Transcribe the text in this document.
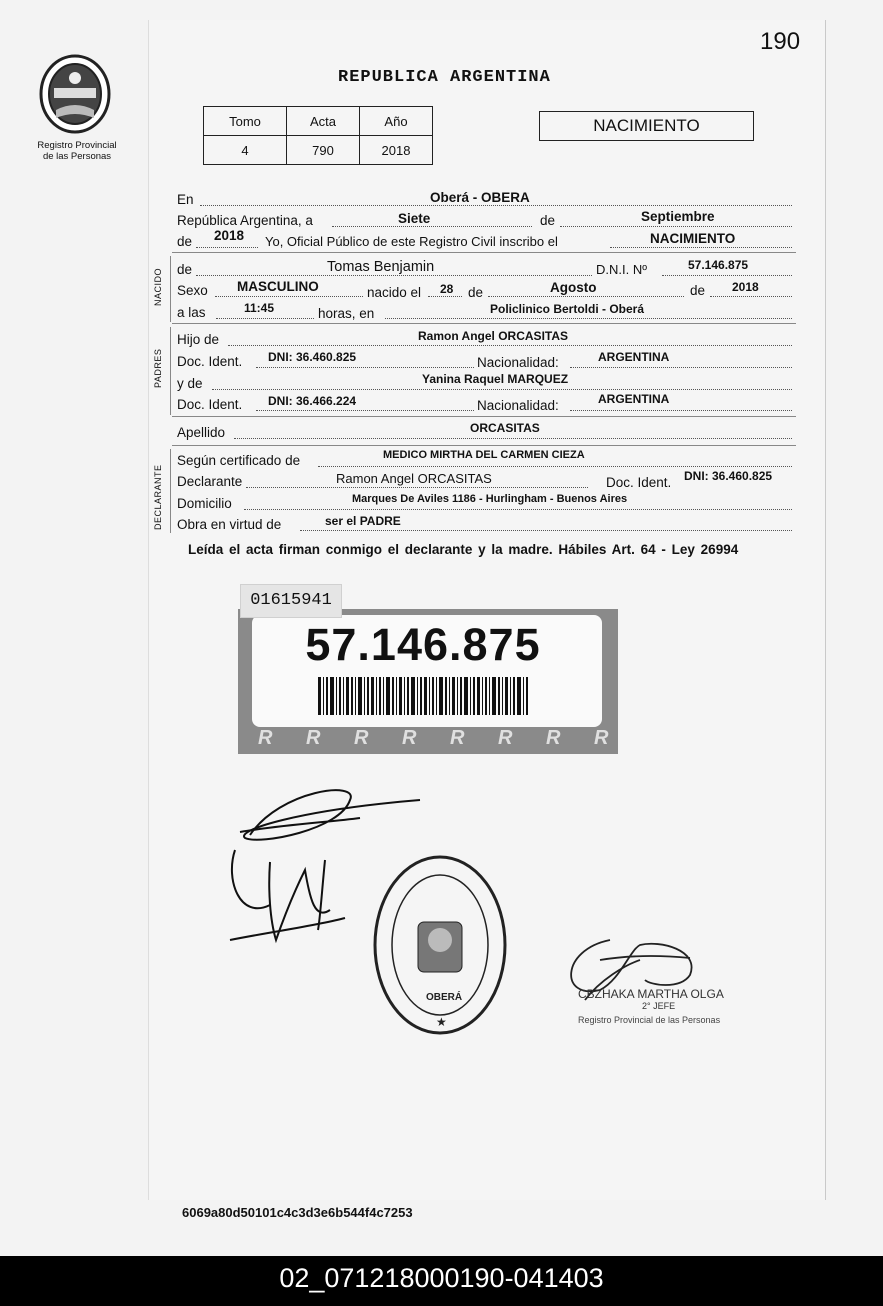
190
Registro Provincial
de las Personas
REPUBLICA ARGENTINA
Tomo	Acta	Año
4	790	2018
NACIMIENTO
En	Oberá - OBERA
República Argentina, a	Siete	de	Septiembre
de 2018 Yo, Oficial Público de este Registro Civil inscribo el	NACIMIENTO
NACIDO de	Tomas Benjamin	D.N.I. Nº	57.146.875
Sexo MASCULINO	nacido el 28 de	Agosto	de 2018
a las	11:45	horas, en	Policlinico Bertoldi - Oberá
PADRES
Hijo de	Ramon Angel ORCASITAS
Doc. Ident. DNI: 36.460.825	Nacionalidad:	ARGENTINA
y de	Yanina Raquel MARQUEZ
Doc. Ident. DNI: 36.466.224	Nacionalidad:	ARGENTINA
Apellido	ORCASITAS
DECLARANTE
Según certificado de	MEDICO MIRTHA DEL CARMEN CIEZA
Declarante	Ramon Angel ORCASITAS	Doc. Ident. DNI: 36.460.825
Domicilio	Marques De Aviles 1186 - Hurlingham - Buenos Aires
Obra en virtud de	ser el PADRE
Leída el acta firman conmigo el declarante y la madre. Hábiles Art. 64 - Ley 26994
R R R R R R R R
57.146.875
01615941
OBERÁ
★
CBZHAKA MARTHA OLGA
2° JEFE
Registro Provincial de las Personas
6069a80d50101c4c3d3e6b544f4c7253
02_071218000190-041403
